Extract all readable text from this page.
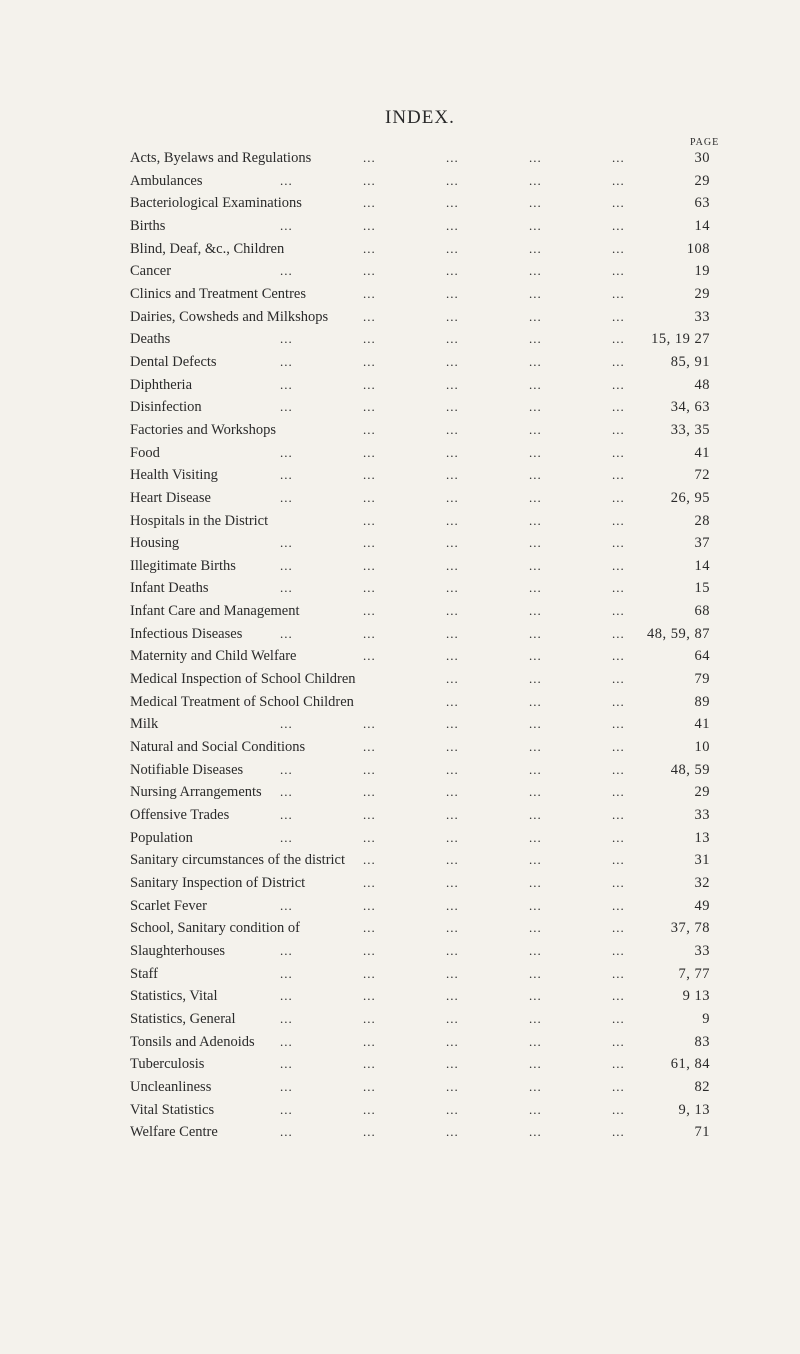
INDEX.
PAGE
Acts, Byelaws and Regulations	...	...	...	...	30
Ambulances	...	...	...	...	...	29
Bacteriological Examinations	...	...	...	...	63
Births	...	...	...	...	...	14
Blind, Deaf, &c., Children	...	...	...	...	108
Cancer	...	...	...	...	...	19
Clinics and Treatment Centres	...	...	...	...	29
Dairies, Cowsheds and Milkshops	...	...	...	...	33
Deaths	...	...	...	...	... 15, 19 27
Dental Defects	...	...	...	...	...	85, 91
Diphtheria	...	...	...	...	...	48
Disinfection	...	...	...	...	...	34, 63
Factories and Workshops	...	...	...	...	33, 35
Food	...	...	...	...	...	41
Health Visiting	...	...	...	...	...	72
Heart Disease	...	...	...	...	...	26, 95
Hospitals in the District	...	...	...	...	28
Housing	...	...	...	...	...	37
Illegitimate Births	...	...	...	...	...	14
Infant Deaths	...	...	...	...	...	15
Infant Care and Management	...	...	...	...	68
Infectious Diseases	...	...	...	...	... 48, 59, 87
Maternity and Child Welfare	...	...	...	...	64
Medical Inspection of School Children	...	...	...	79
Medical Treatment of School Children	...	...	...	89
Milk	...	...	...	...	...	41
Natural and Social Conditions	...	...	...	...	10
Notifiable Diseases	...	...	...	...	...	48, 59
Nursing Arrangements ...	...	...	...	...	29
Offensive Trades	...	...	...	...	...	33
Population	...	...	...	...	...	13
Sanitary circumstances of the district ...	...	...	...	31
Sanitary Inspection of District	...	...	...	...	32
Scarlet Fever	...	...	...	...	...	49
School, Sanitary condition of	...	...	...	...	37, 78
Slaughterhouses	...	...	...	...	...	33
Staff	...	...	...	...	...	7, 77
Statistics, Vital	...	...	...	...	...	9 13
Statistics, General	...	...	...	...	...	9
Tonsils and Adenoids ...	...	...	...	...	83
Tuberculosis	...	...	...	...	...	61, 84
Uncleanliness	...	...	...	...	...	82
Vital Statistics	...	...	...	...	...	9, 13
Welfare Centre	...	...	...	...	...	71
